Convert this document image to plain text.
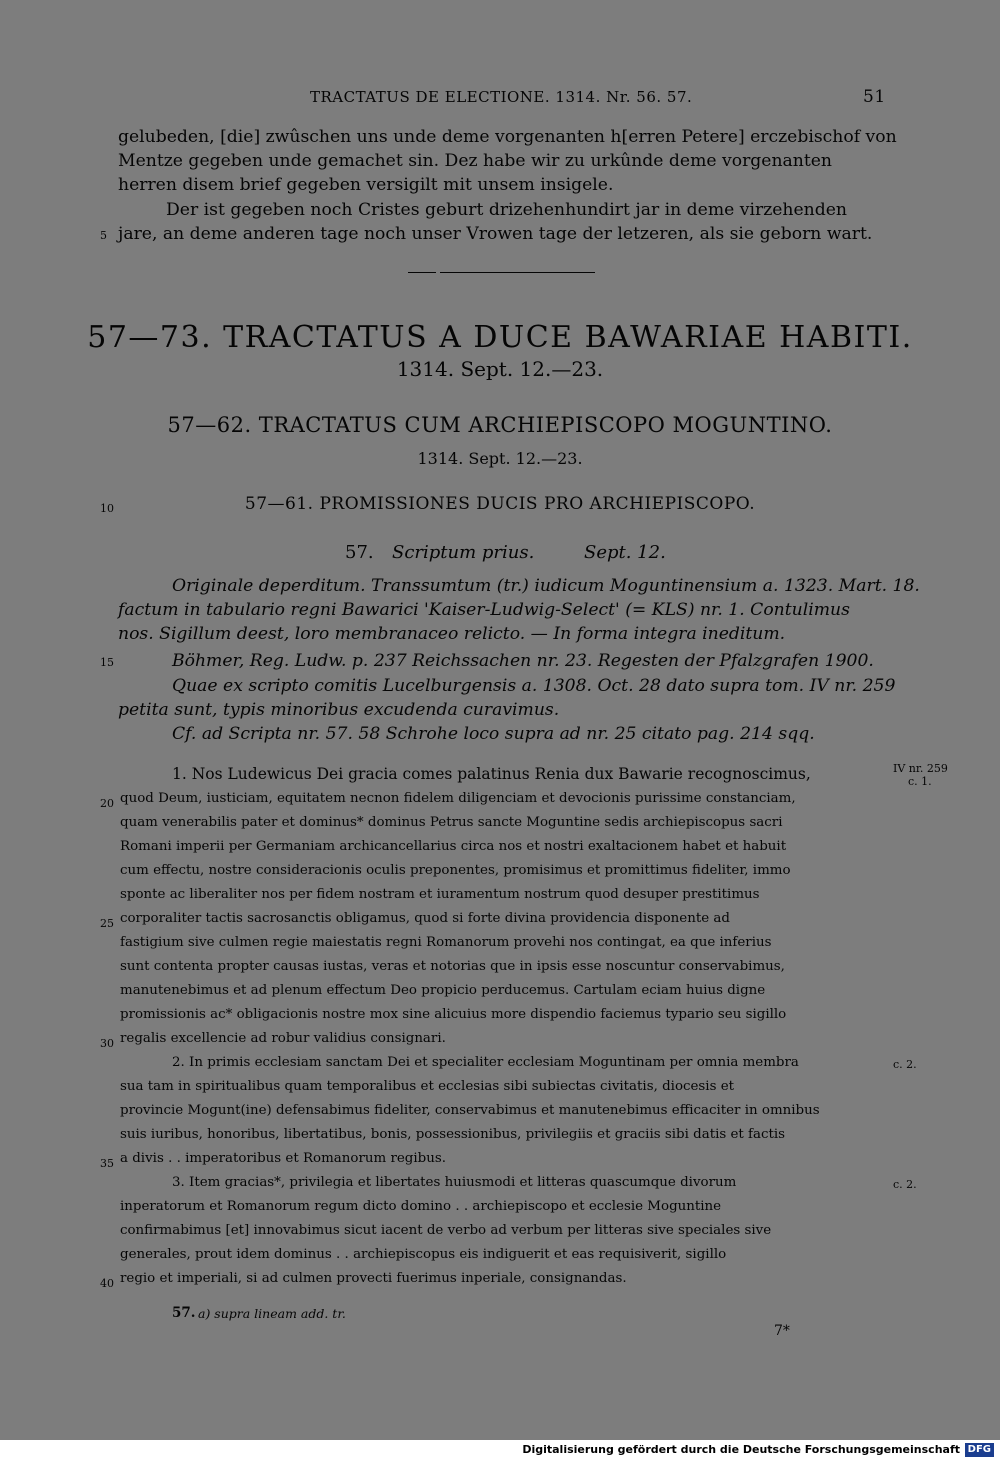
TRACTATUS DE ELECTIONE. 1314. Nr. 56. 57.	51
gelubeden, [die] zwûschen uns unde deme vorgenanten h[erren Petere] erczebischof von
Mentze gegeben unde gemachet sin. Dez habe wir zu urkûnde deme vorgenanten
herren disem brief gegeben versigilt mit unsem insigele.
Der ist gegeben noch Cristes geburt drizehenhundirt jar in deme virzehenden
jare, an deme anderen tage noch unser Vrowen tage der letzeren, als sie geborn wart.
5
57—73. TRACTATUS A DUCE BAWARIAE HABITI.
1314. Sept. 12.—23.
57—62. TRACTATUS CUM ARCHIEPISCOPO MOGUNTINO.
1314. Sept. 12.—23.
10	57—61. PROMISSIONES DUCIS PRO ARCHIEPISCOPO.
57. Scriptum prius.	Sept. 12.
Originale deperditum. Transsumtum (tr.) iudicum Moguntinensium a. 1323. Mart. 18.
factum in tabulario regni Bawarici 'Kaiser-Ludwig-Select' (= KLS) nr. 1. Contulimus
nos. Sigillum deest, loro membranaceo relicto. — In forma integra ineditum.
15	Böhmer, Reg. Ludw. p. 237 Reichssachen nr. 23. Regesten der Pfalzgrafen 1900.
Quae ex scripto comitis Lucelburgensis a. 1308. Oct. 28 dato supra tom. IV nr. 259
petita sunt, typis minoribus excudenda curavimus.
Cf. ad Scripta nr. 57. 58 Schrohe loco supra ad nr. 25 citato pag. 214 sqq.
1. Nos Ludewicus Dei gracia comes palatinus Renia dux Bawarie recognoscimus,	IV nr. 259
c. 1.
20 quod Deum, iusticiam, equitatem necnon fidelem diligenciam et devocionis purissime constanciam,
quam venerabilis pater et dominus* dominus Petrus sancte Moguntine sedis archiepiscopus sacri
Romani imperii per Germaniam archicancellarius circa nos et nostri exaltacionem habet et habuit
cum effectu, nostre consideracionis oculis preponentes, promisimus et promittimus fideliter, immo
sponte ac liberaliter nos per fidem nostram et iuramentum nostrum quod desuper prestitimus
25 corporaliter tactis sacrosanctis obligamus, quod si forte divina providencia disponente ad
fastigium sive culmen regie maiestatis regni Romanorum provehi nos contingat, ea que inferius
sunt contenta propter causas iustas, veras et notorias que in ipsis esse noscuntur conservabimus,
manutenebimus et ad plenum effectum Deo propicio perducemus. Cartulam eciam huius digne
promissionis ac* obligacionis nostre mox sine alicuius more dispendio faciemus typario seu sigillo
30 regalis excellencie ad robur validius consignari.
2. In primis ecclesiam sanctam Dei et specialiter ecclesiam Moguntinam per omnia membra	c. 2.
sua tam in spiritualibus quam temporalibus et ecclesias sibi subiectas civitatis, diocesis et
provincie Mogunt(ine) defensabimus fideliter, conservabimus et manutenebimus efficaciter in omnibus
suis iuribus, honoribus, libertatibus, bonis, possessionibus, privilegiis et graciis sibi datis et factis
35 a divis . . imperatoribus et Romanorum regibus.
3. Item gracias*, privilegia et libertates huiusmodi et litteras quascumque divorum	c. 2.
inperatorum et Romanorum regum dicto domino . . archiepiscopo et ecclesie Moguntine
confirmabimus [et] innovabimus sicut iacent de verbo ad verbum per litteras sive speciales sive
generales, prout idem dominus . . archiepiscopus eis indiguerit et eas requisiverit, sigillo
40 regio et imperiali, si ad culmen provecti fuerimus inperiale, consignandas.
57. a) supra lineam add. tr.
7*
Digitalisierung gefördert durch die Deutsche Forschungsgemeinschaft DFG
